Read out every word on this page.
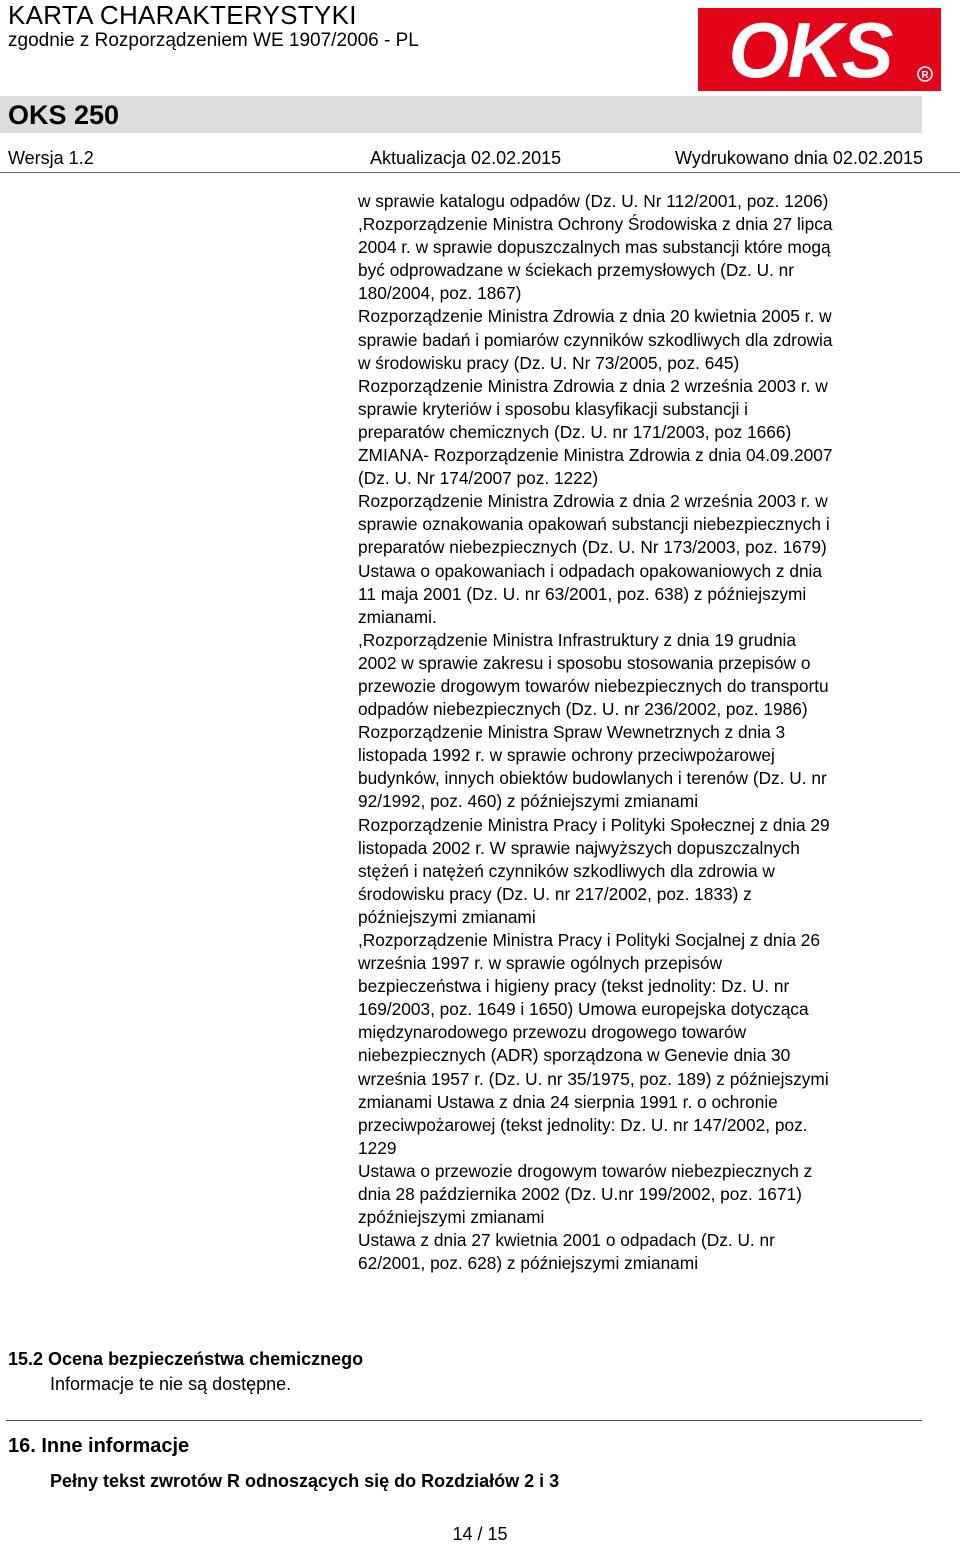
KARTA CHARAKTERYSTYKI
zgodnie z Rozporządzeniem WE 1907/2006 - PL	OKS	R
OKS 250
Wersja 1.2	Aktualizacja 02.02.2015	Wydrukowano dnia 02.02.2015

w sprawie katalogu odpadów (Dz. U. Nr 112/2001, poz. 1206)

,Rozporządzenie Ministra Ochrony Środowiska z dnia 27 lipca

2004 r. w sprawie dopuszczalnych mas substancji które mogą

być odprowadzane w ściekach przemysłowych (Dz. U. nr

180/2004, poz. 1867)

Rozporządzenie Ministra Zdrowia z dnia 20 kwietnia 2005 r. w

sprawie badań i pomiarów czynników szkodliwych dla zdrowia

w środowisku pracy (Dz. U. Nr 73/2005, poz. 645)

Rozporządzenie Ministra Zdrowia z dnia 2 września 2003 r. w

sprawie kryteriów i sposobu klasyfikacji substancji i

preparatów chemicznych (Dz. U. nr 171/2003, poz 1666)

ZMIANA- Rozporządzenie Ministra Zdrowia z dnia 04.09.2007

(Dz. U. Nr 174/2007 poz. 1222)

Rozporządzenie Ministra Zdrowia z dnia 2 września 2003 r. w

sprawie oznakowania opakowań substancji niebezpiecznych i

preparatów niebezpiecznych (Dz. U. Nr 173/2003, poz. 1679)

Ustawa o opakowaniach i odpadach opakowaniowych z dnia

11 maja 2001 (Dz. U. nr 63/2001, poz. 638) z późniejszymi

zmianami.

,Rozporządzenie Ministra Infrastruktury z dnia 19 grudnia

2002 w sprawie zakresu i sposobu stosowania przepisów o

przewozie drogowym towarów niebezpiecznych do transportu

odpadów niebezpiecznych (Dz. U. nr 236/2002, poz. 1986)

Rozporządzenie Ministra Spraw Wewnetrznych z dnia 3

listopada 1992 r. w sprawie ochrony przeciwpożarowej

budynków, innych obiektów budowlanych i terenów (Dz. U. nr

92/1992, poz. 460) z późniejszymi zmianami

Rozporządzenie Ministra Pracy i Polityki Społecznej z dnia 29

listopada 2002 r. W sprawie najwyższych dopuszczalnych

stężeń i natężeń czynników szkodliwych dla zdrowia w

środowisku pracy (Dz. U. nr 217/2002, poz. 1833) z

późniejszymi zmianami

,Rozporządzenie Ministra Pracy i Polityki Socjalnej z dnia 26

września 1997 r. w sprawie ogólnych przepisów

bezpieczeństwa i higieny pracy (tekst jednolity: Dz. U. nr

169/2003, poz. 1649 i 1650) Umowa europejska dotycząca

międzynarodowego przewozu drogowego towarów

niebezpiecznych (ADR) sporządzona w Genevie dnia 30

września 1957 r. (Dz. U. nr 35/1975, poz. 189) z późniejszymi

zmianami Ustawa z dnia 24 sierpnia 1991 r. o ochronie

przeciwpożarowej (tekst jednolity: Dz. U. nr 147/2002, poz.

1229

Ustawa o przewozie drogowym towarów niebezpiecznych z

dnia 28 października 2002 (Dz. U.nr 199/2002, poz. 1671)

zpóźniejszymi zmianami

Ustawa z dnia 27 kwietnia 2001 o odpadach (Dz. U. nr

62/2001, poz. 628) z późniejszymi zmianami

15.2 Ocena bezpieczeństwa chemicznego
Informacje te nie są dostępne.
16. Inne informacje
Pełny tekst zwrotów R odnoszących się do Rozdziałów 2 i 3
14 / 15
